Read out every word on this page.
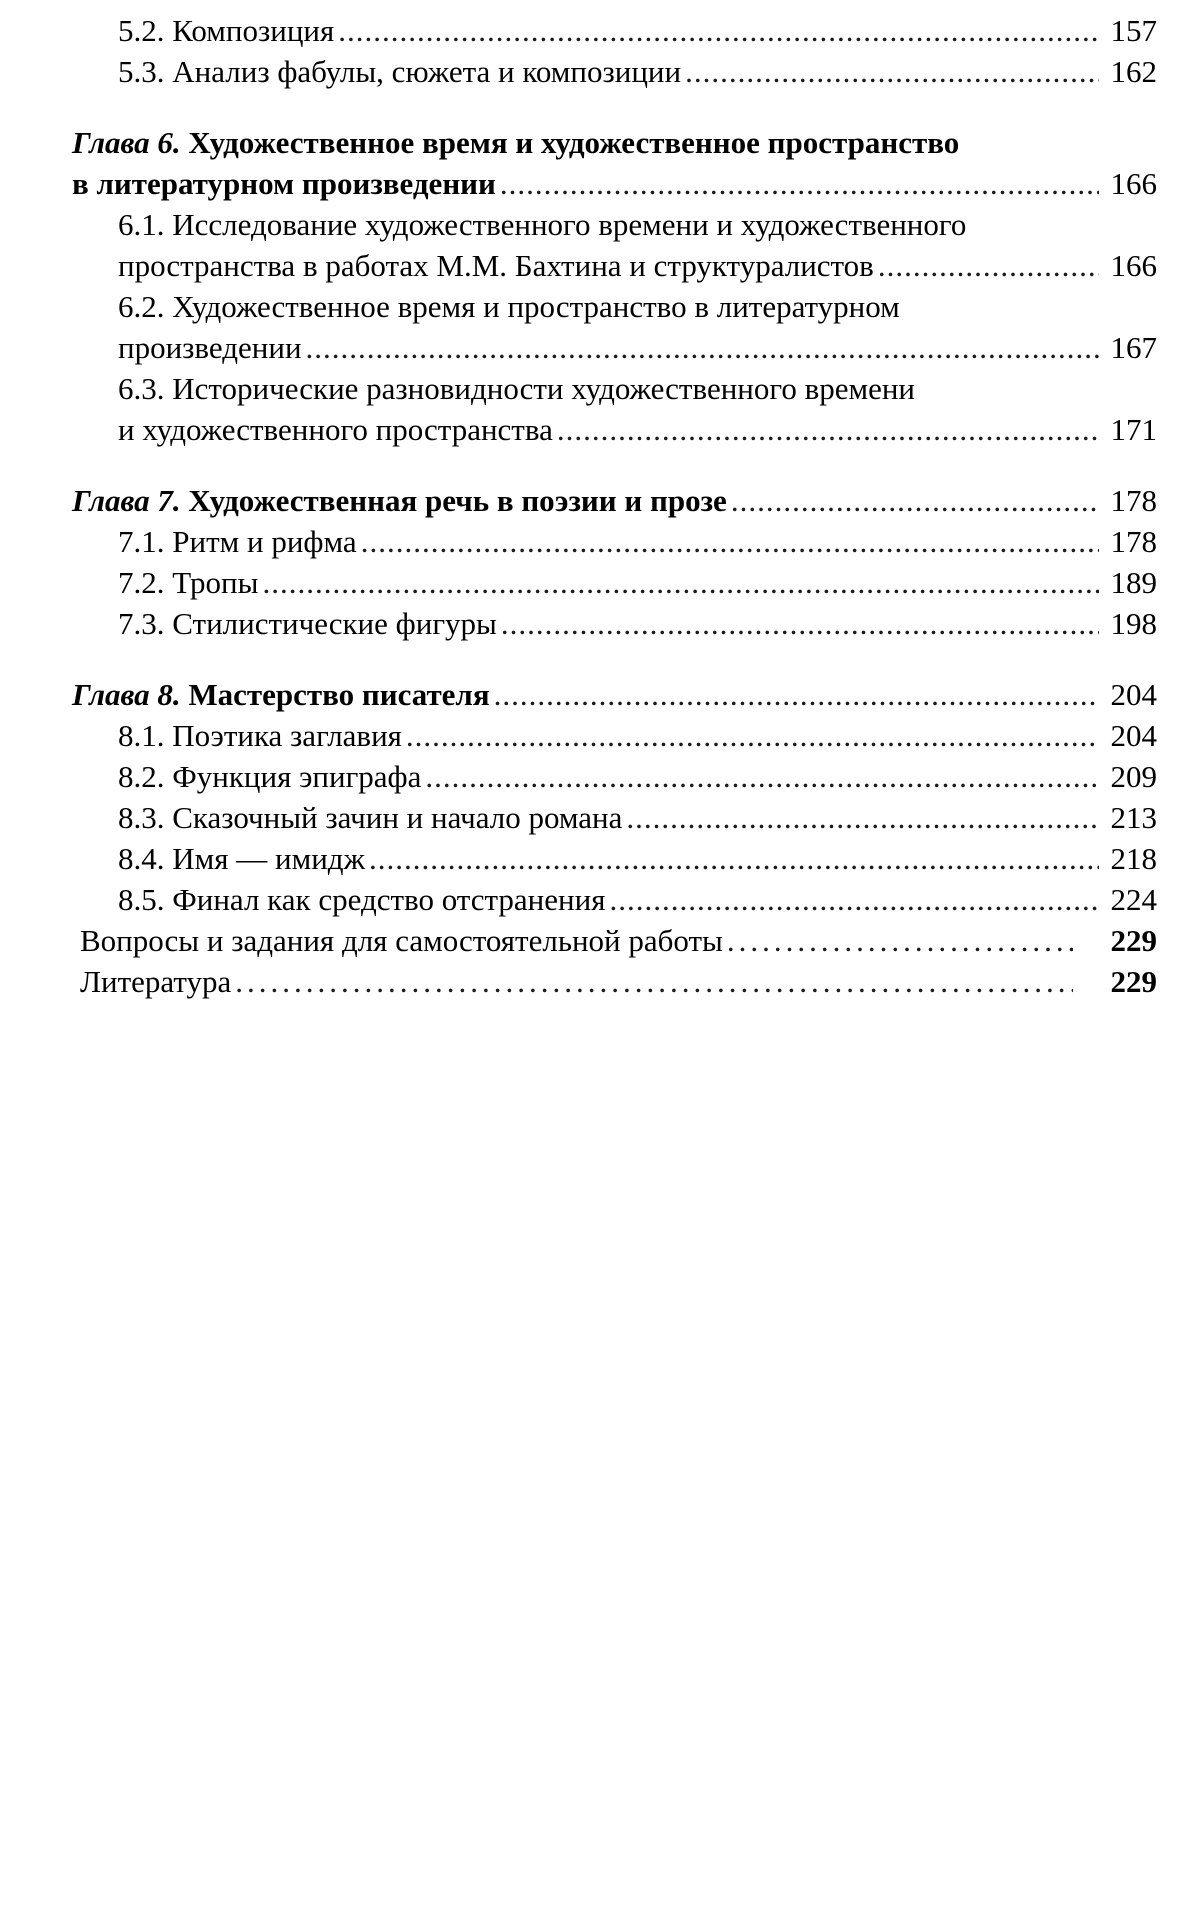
5.2. Композиция .....	157
5.3. Анализ фабулы, сюжета и композиции .....	162
Глава 6. Художественное время и художественное пространство
в литературном произведении .....	166
6.1. Исследование художественного времени и художественного
пространства в работах М.М. Бахтина и структуралистов .....	166
6.2. Художественное время и пространство в литературном
произведении .....	167
6.3. Исторические разновидности художественного времени
и художественного пространства .....	171
Глава 7. Художественная речь в поэзии и прозе .....	178
7.1. Ритм и рифма .....	178
7.2. Тропы .....	189
7.3. Стилистические фигуры .....	198
Глава 8. Мастерство писателя .....	204
8.1. Поэтика заглавия .....	204
8.2. Функция эпиграфа .....	209
8.3. Сказочный зачин и начало романа .....	213
8.4. Имя — имидж .....	218
8.5. Финал как средство отстранения .....	224
Вопросы и задания для самостоятельной работы .....	229
Литература .....	229
